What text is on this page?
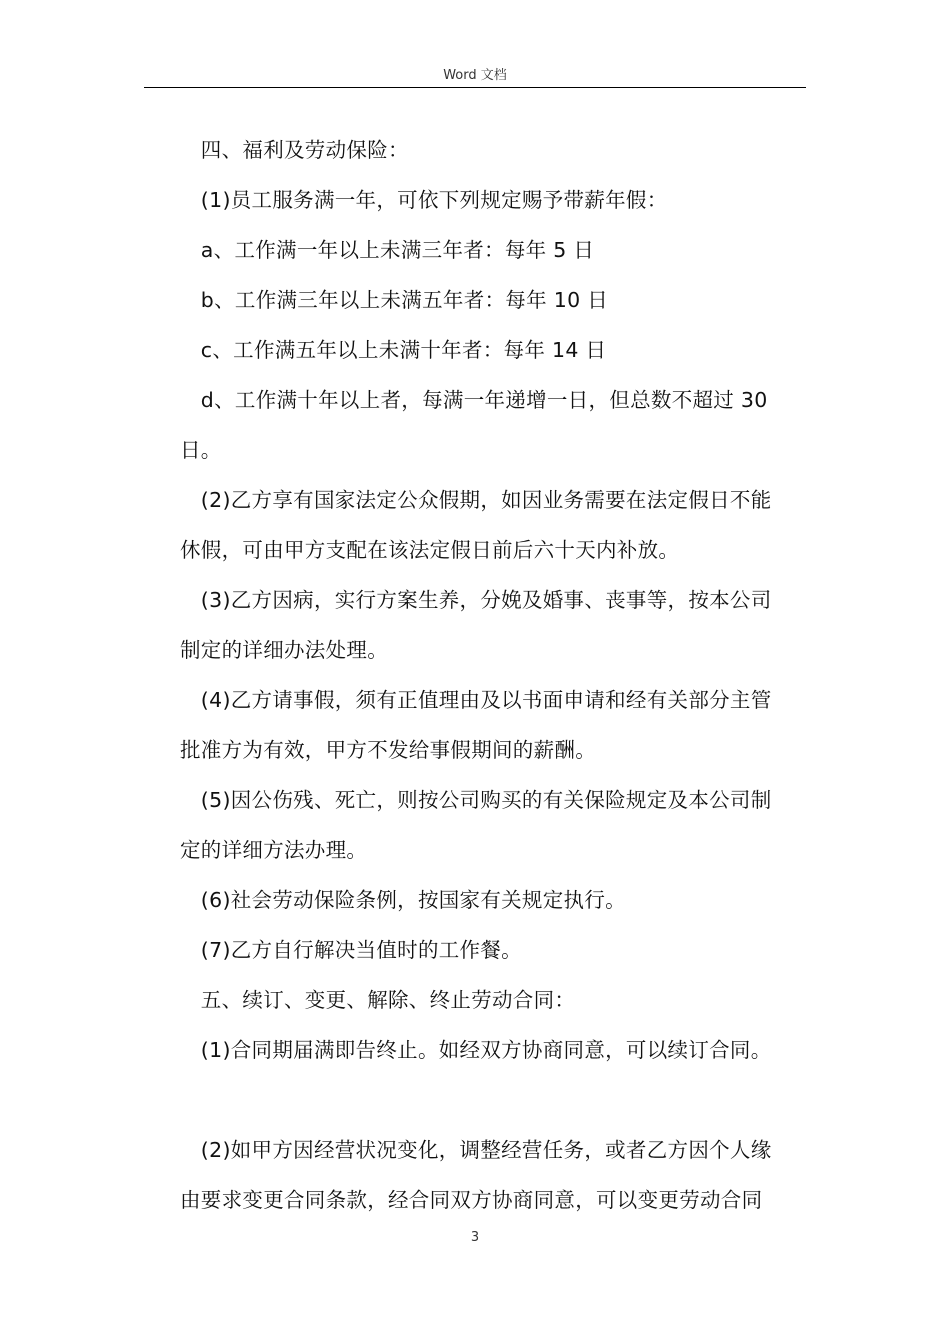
Word 文档
　四、福利及劳动保险：
　(1)员工服务满一年，可依下列规定赐予带薪年假：
　a、工作满一年以上未满三年者：每年 5 日
　b、工作满三年以上未满五年者：每年 10 日
　c、工作满五年以上未满十年者：每年 14 日
　d、工作满十年以上者，每满一年递增一日，但总数不超过 30
日。
　(2)乙方享有国家法定公众假期，如因业务需要在法定假日不能
休假，可由甲方支配在该法定假日前后六十天内补放。
　(3)乙方因病，实行方案生养，分娩及婚事、丧事等，按本公司
制定的详细办法处理。
　(4)乙方请事假，须有正值理由及以书面申请和经有关部分主管
批准方为有效，甲方不发给事假期间的薪酬。
　(5)因公伤残、死亡，则按公司购买的有关保险规定及本公司制
定的详细方法办理。
　(6)社会劳动保险条例，按国家有关规定执行。
　(7)乙方自行解决当值时的工作餐。
　五、续订、变更、解除、终止劳动合同：
　(1)合同期届满即告终止。如经双方协商同意，可以续订合同。
　(2)如甲方因经营状况变化，调整经营任务，或者乙方因个人缘
由要求变更合同条款，经合同双方协商同意，可以变更劳动合同
3
